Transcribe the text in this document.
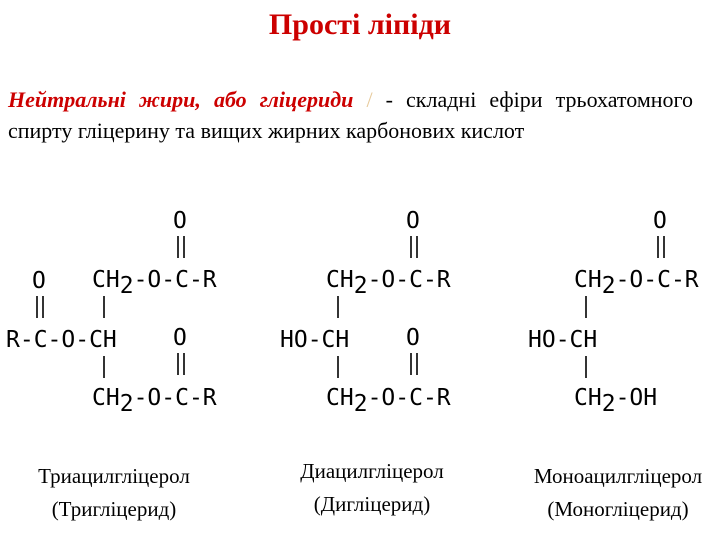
Прості ліпіди
Нейтральні жири, або гліцериди / - складні ефіри трьохатомного спирту гліцерину та вищих жирних карбонових кислот
O
CH2-O-C-R
O
R-C-O-CH O
CH2-O-C-R
O
CH2-O-C-R
HO-CH O
CH2-O-C-R
O
CH2-O-C-R
HO-CH
CH2-OH
Триацилгліцерол
(Тригліцерид)
Диацилгліцерол
(Дигліцерид)
Моноацилгліцерол
(Моногліцерид)
